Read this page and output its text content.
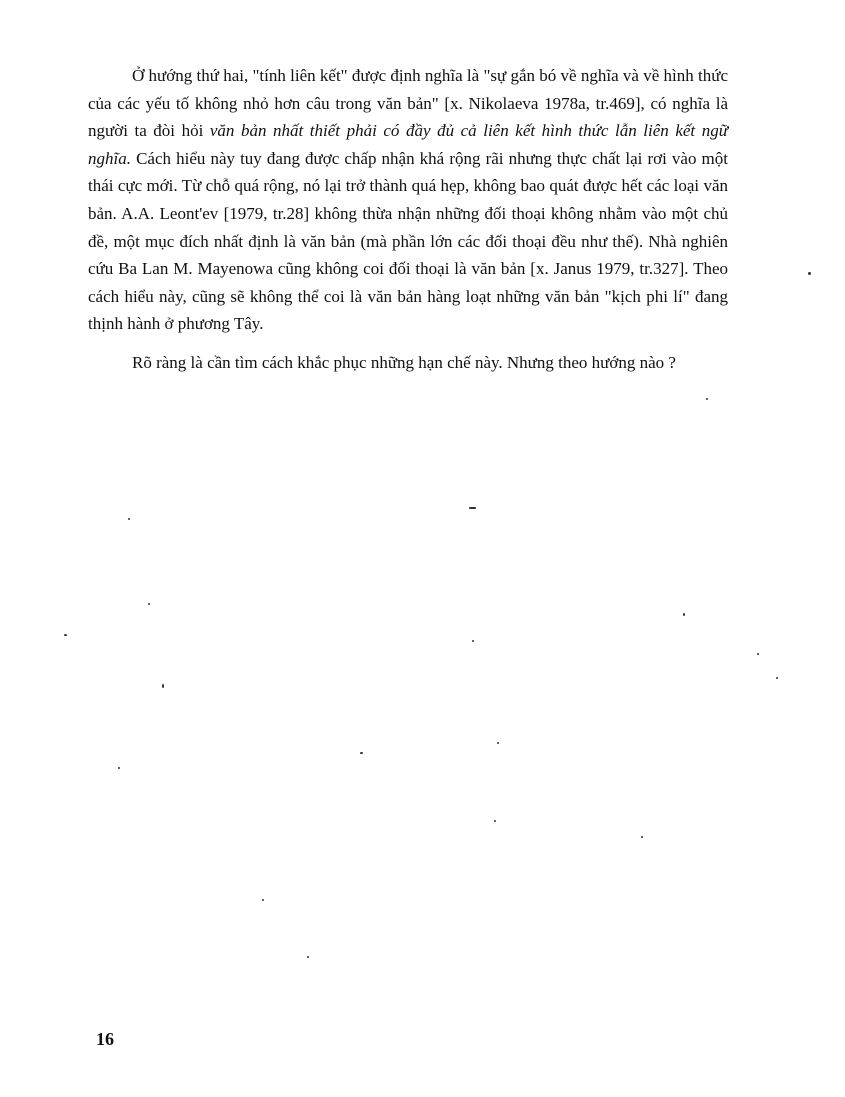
Ở hướng thứ hai, "tính liên kết" được định nghĩa là "sự gắn bó về nghĩa và về hình thức của các yếu tố không nhỏ hơn câu trong văn bản" [x. Nikolaeva 1978a, tr.469], có nghĩa là người ta đòi hỏi văn bản nhất thiết phải có đầy đủ cả liên kết hình thức lẫn liên kết ngữ nghĩa. Cách hiểu này tuy đang được chấp nhận khá rộng rãi nhưng thực chất lại rơi vào một thái cực mới. Từ chỗ quá rộng, nó lại trở thành quá hẹp, không bao quát được hết các loại văn bản. A.A. Leont'ev [1979, tr.28] không thừa nhận những đối thoại không nhằm vào một chủ đề, một mục đích nhất định là văn bản (mà phần lớn các đối thoại đều như thế). Nhà nghiên cứu Ba Lan M. Mayenowa cũng không coi đối thoại là văn bản [x. Janus 1979, tr.327]. Theo cách hiểu này, cũng sẽ không thể coi là văn bản hàng loạt những văn bản "kịch phi lí" đang thịnh hành ở phương Tây.

Rõ ràng là cần tìm cách khắc phục những hạn chế này. Nhưng theo hướng nào ?

16
